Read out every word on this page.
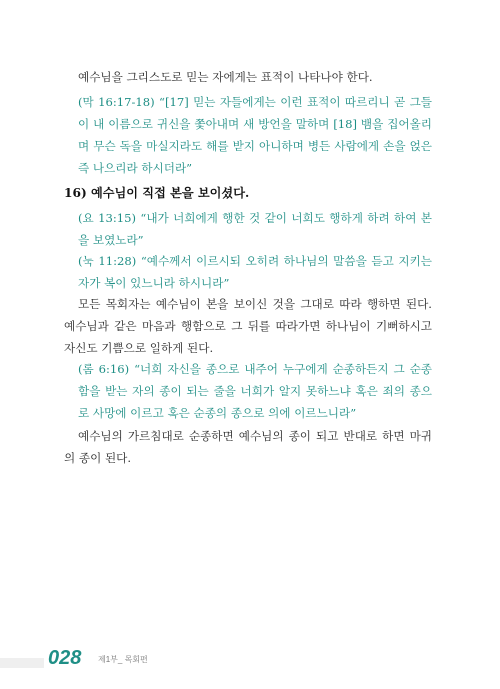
예수님을 그리스도로 믿는 자에게는 표적이 나타나야 한다.

(막 16:17-18) “[17] 믿는 자들에게는 이런 표적이 따르리니 곧 그들이 내 이름으로 귀신을 쫓아내며 새 방언을 말하며 [18] 뱀을 집어올리며 무슨 독을 마실지라도 해를 받지 아니하며 병든 사람에게 손을 얹은즉 나으리라 하시더라”

16) 예수님이 직접 본을 보이셨다.

(요 13:15) “내가 너희에게 행한 것 같이 너희도 행하게 하려 하여 본을 보였노라”

(눅 11:28) “예수께서 이르시되 오히려 하나님의 말씀을 듣고 지키는 자가 복이 있느니라 하시니라”

모든 목회자는 예수님이 본을 보이신 것을 그대로 따라 행하면 된다. 예수님과 같은 마음과 행함으로 그 뒤를 따라가면 하나님이 기뻐하시고 자신도 기쁨으로 일하게 된다.

(롬 6:16) “너희 자신을 종으로 내주어 누구에게 순종하든지 그 순종함을 받는 자의 종이 되는 줄을 너희가 알지 못하느냐 혹은 죄의 종으로 사망에 이르고 혹은 순종의 종으로 의에 이르느니라”

예수님의 가르침대로 순종하면 예수님의 종이 되고 반대로 하면 마귀의 종이 된다.

028 제1부_ 목회편
